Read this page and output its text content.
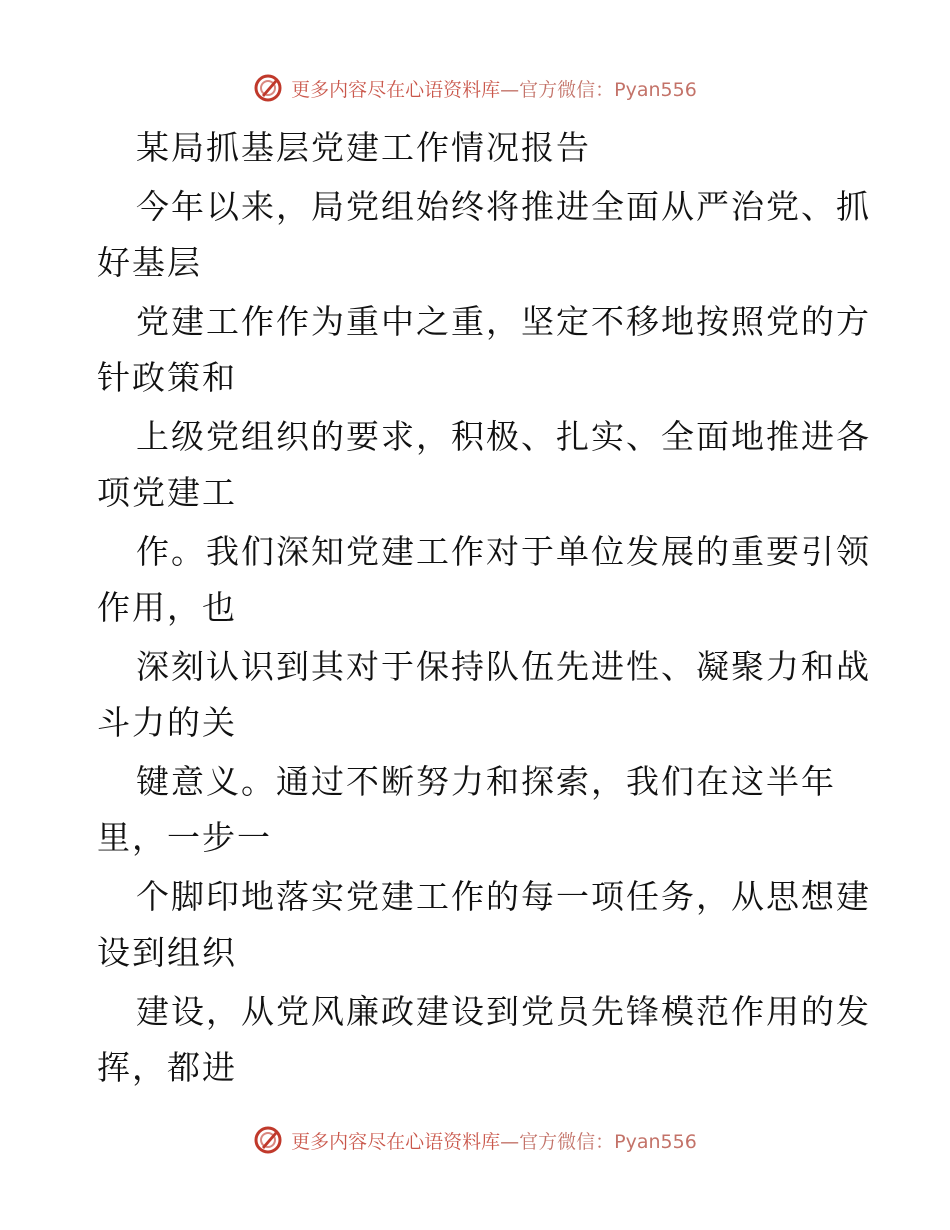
更多内容尽在心语资料库 —官方微信：Pyan556
某局抓基层党建工作情况报告
今年以来，局党组始终将推进全面从严治党、抓
好基层
党建工作作为重中之重，坚定不移地按照党的方
针政策和
上级党组织的要求，积极、扎实、全面地推进各
项党建工
作。我们深知党建工作对于单位发展的重要引领
作用，也
深刻认识到其对于保持队伍先进性、凝聚力和战
斗力的关
键意义。通过不断努力和探索，我们在这半年
里，一步一
个脚印地落实党建工作的每一项任务，从思想建
设到组织
建设，从党风廉政建设到党员先锋模范作用的发
挥，都进
更多内容尽在心语资料库 —官方微信：Pyan556
